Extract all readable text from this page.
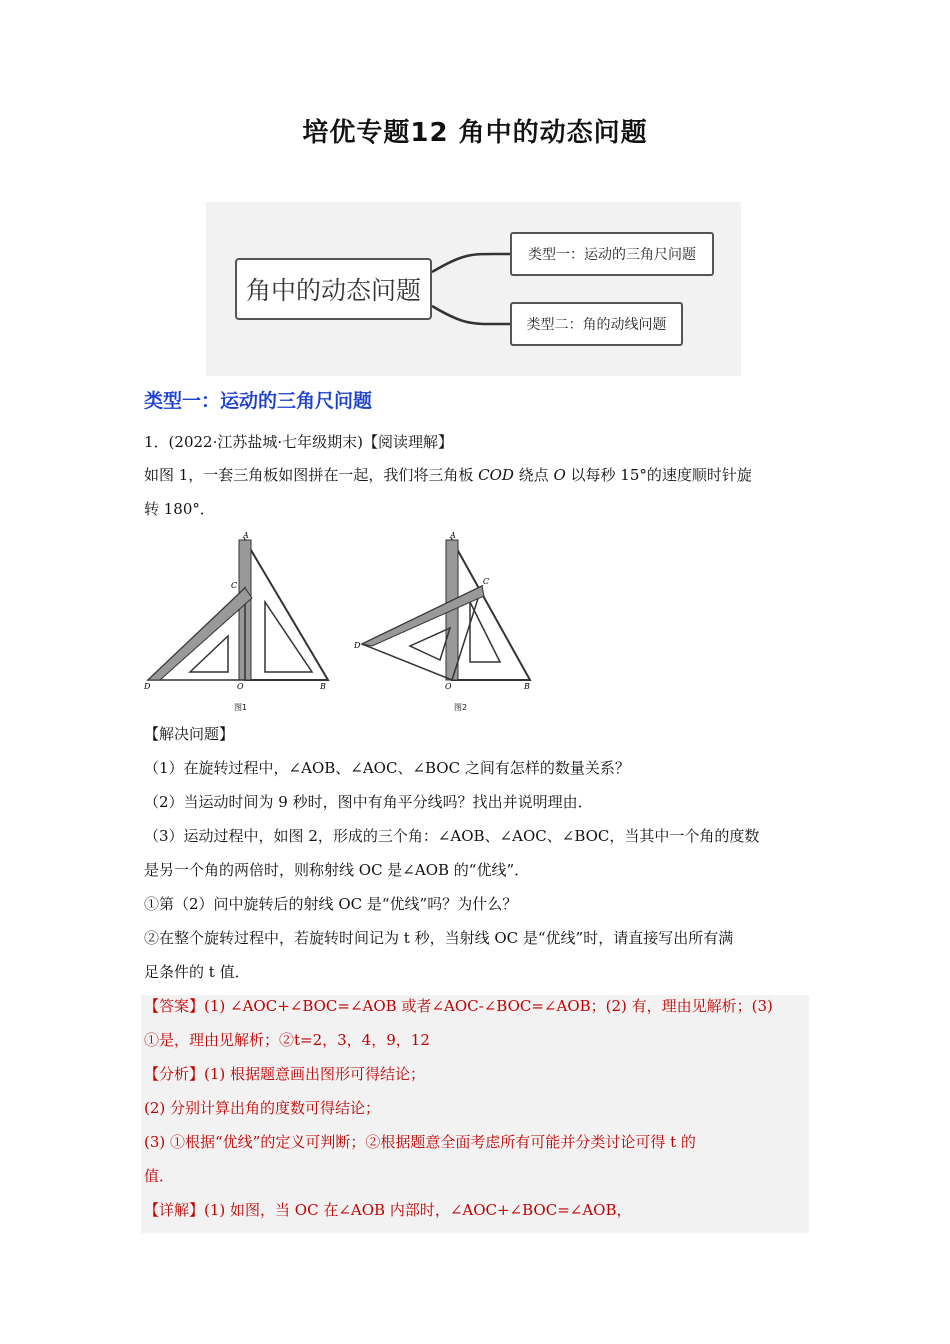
培优专题12 角中的动态问题
角中的动态问题
类型一：运动的三角尺问题
类型二：角的动线问题
类型一：运动的三角尺问题
1．(2022·江苏盐城·七年级期末)【阅读理解】
如图 1，一套三角板如图拼在一起，我们将三角板 COD 绕点 O 以每秒 15°的速度顺时针旋
转 180°．
A
C
D	O	B
图1
A
C
D
O	B
图2
【解决问题】
（1）在旋转过程中，∠AOB、∠AOC、∠BOC 之间有怎样的数量关系？
（2）当运动时间为 9 秒时，图中有角平分线吗？找出并说明理由．
（3）运动过程中，如图 2，形成的三个角：∠AOB、∠AOC、∠BOC，当其中一个角的度数
是另一个角的两倍时，则称射线 OC 是∠AOB 的“优线”．
①第（2）问中旋转后的射线 OC 是“优线”吗？为什么？
②在整个旋转过程中，若旋转时间记为 t 秒，当射线 OC 是“优线”时，请直接写出所有满
足条件的 t 值．
【答案】(1) ∠AOC+∠BOC=∠AOB 或者∠AOC-∠BOC=∠AOB；(2) 有，理由见解析；(3)
①是，理由见解析；②t=2，3，4，9，12
【分析】(1) 根据题意画出图形可得结论；
(2) 分别计算出角的度数可得结论；
(3) ①根据“优线”的定义可判断；②根据题意全面考虑所有可能并分类讨论可得 t 的
值．
【详解】(1) 如图，当 OC 在∠AOB 内部时，∠AOC+∠BOC=∠AOB，
